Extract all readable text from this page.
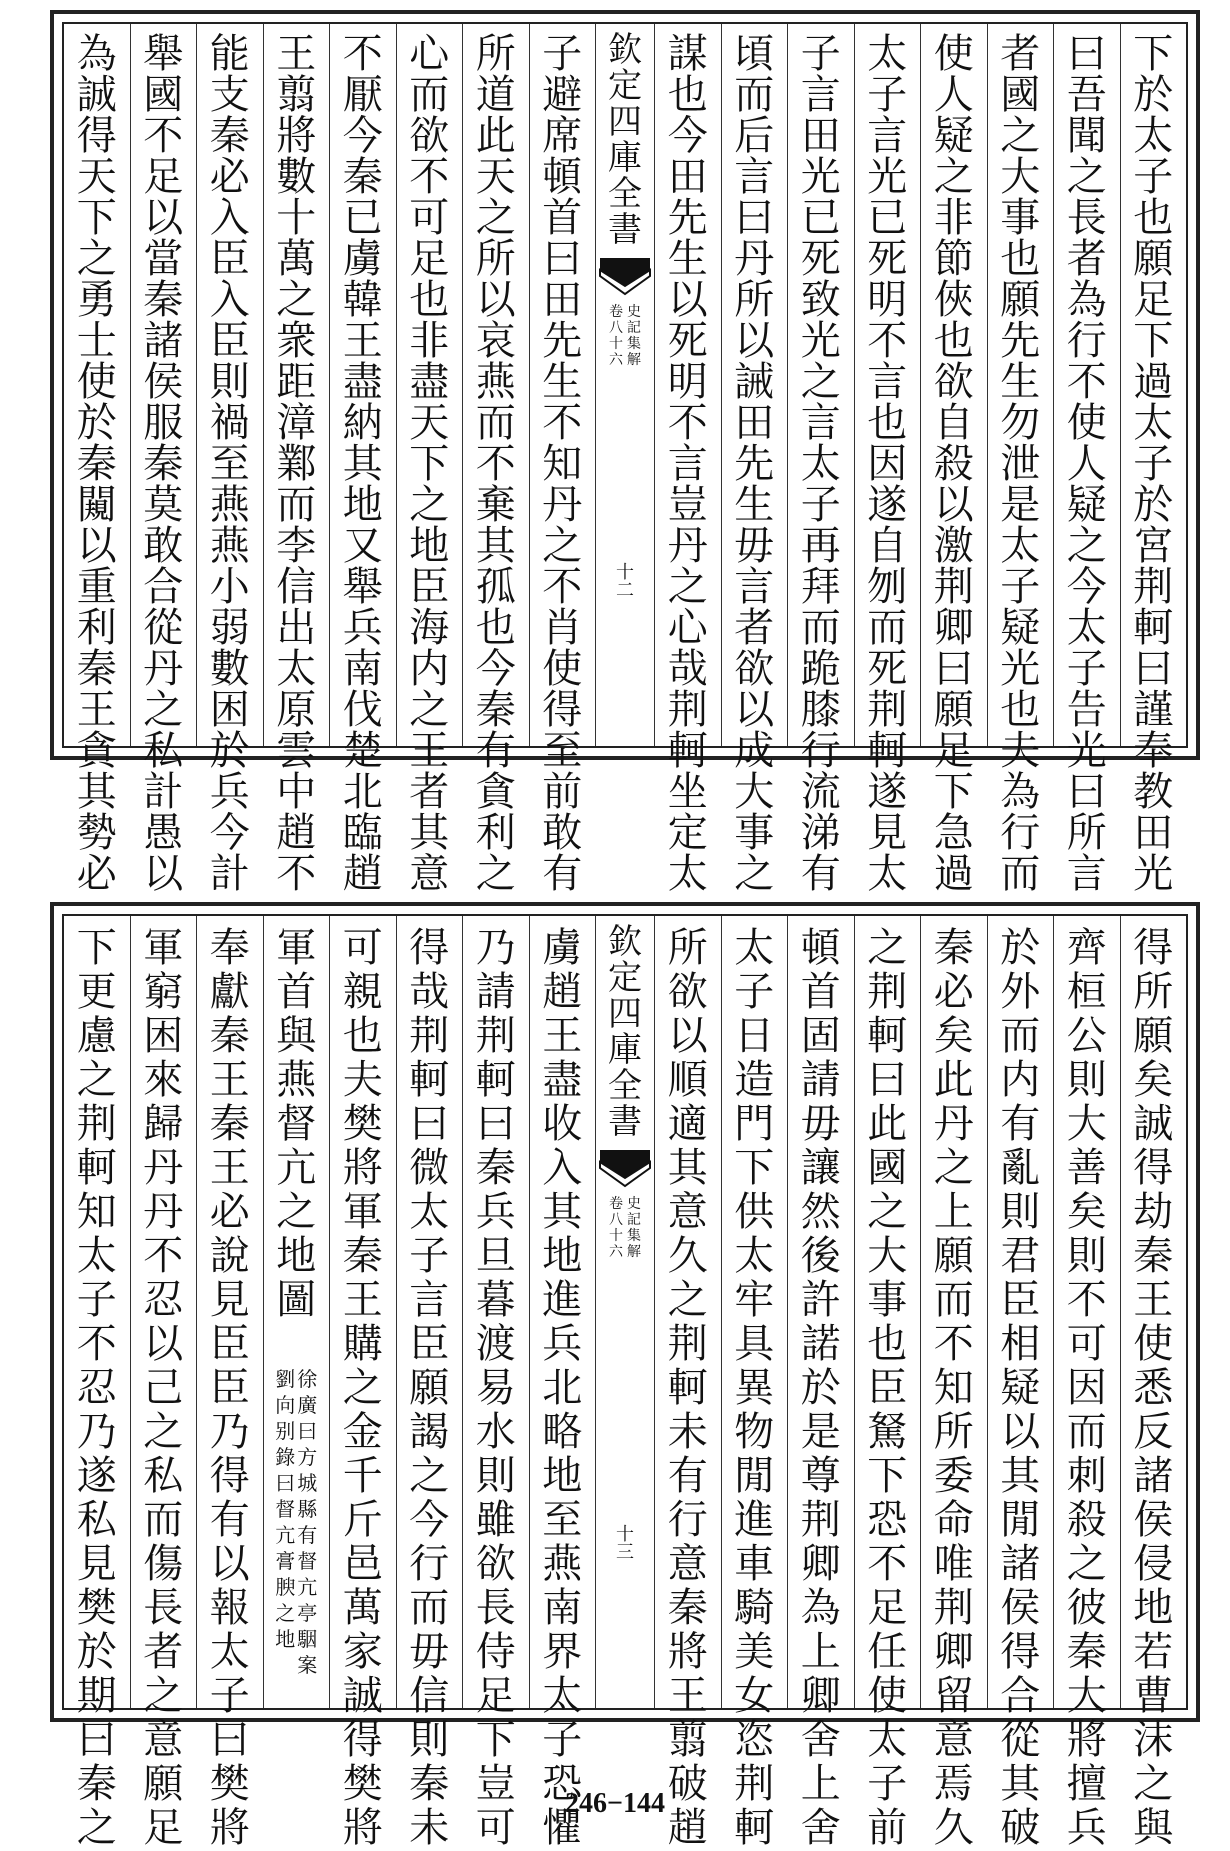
下
於
太
子
也
願
足
下
過
太
子
於
宮
荆
軻
曰
謹
奉
教
田
光
曰
吾
聞
之
長
者
為
行
不
使
人
疑
之
今
太
子
告
光
曰
所
言
者
國
之
大
事
也
願
先
生
勿
泄
是
太
子
疑
光
也
夫
為
行
而
使
人
疑
之
非
節
俠
也
欲
自
殺
以
激
荆
卿
曰
願
足
下
急
過
太
子
言
光
已
死
明
不
言
也
因
遂
自
刎
而
死
荆
軻
遂
見
太
子
言
田
光
已
死
致
光
之
言
太
子
再
拜
而
跪
膝
行
流
涕
有
頃
而
后
言
曰
丹
所
以
誡
田
先
生
毋
言
者
欲
以
成
大
事
之
謀
也
今
田
先
生
以
死
明
不
言
豈
丹
之
心
哉
荆
軻
坐
定
太
欽
定
四
庫
全
書
史
記
集
解
卷
八
十
六
十
二
子
避
席
頓
首
曰
田
先
生
不
知
丹
之
不
肖
使
得
至
前
敢
有
所
道
此
天
之
所
以
哀
燕
而
不
棄
其
孤
也
今
秦
有
貪
利
之
心
而
欲
不
可
足
也
非
盡
天
下
之
地
臣
海
内
之
王
者
其
意
不
厭
今
秦
已
虜
韓
王
盡
納
其
地
又
舉
兵
南
伐
楚
北
臨
趙
王
翦
將
數
十
萬
之
衆
距
漳
鄴
而
李
信
出
太
原
雲
中
趙
不
能
支
秦
必
入
臣
入
臣
則
禍
至
燕
燕
小
弱
數
困
於
兵
今
計
舉
國
不
足
以
當
秦
諸
侯
服
秦
莫
敢
合
從
丹
之
私
計
愚
以
為
誠
得
天
下
之
勇
士
使
於
秦
闚
以
重
利
秦
王
貪
其
勢
必
得
所
願
矣
誠
得
劫
秦
王
使
悉
反
諸
侯
侵
地
若
曹
沫
之
與
齊
桓
公
則
大
善
矣
則
不
可
因
而
刺
殺
之
彼
秦
大
將
擅
兵
於
外
而
内
有
亂
則
君
臣
相
疑
以
其
閒
諸
侯
得
合
從
其
破
秦
必
矣
此
丹
之
上
願
而
不
知
所
委
命
唯
荆
卿
留
意
焉
久
之
荆
軻
曰
此
國
之
大
事
也
臣
駑
下
恐
不
足
任
使
太
子
前
頓
首
固
請
毋
讓
然
後
許
諾
於
是
尊
荆
卿
為
上
卿
舍
上
舍
太
子
日
造
門
下
供
太
牢
具
異
物
閒
進
車
騎
美
女
恣
荆
軻
所
欲
以
順
適
其
意
久
之
荆
軻
未
有
行
意
秦
將
王
翦
破
趙
欽
定
四
庫
全
書
史
記
集
解
卷
八
十
六
十
三
虜
趙
王
盡
收
入
其
地
進
兵
北
略
地
至
燕
南
界
太
子
恐
懼
乃
請
荆
軻
曰
秦
兵
旦
暮
渡
易
水
則
雖
欲
長
侍
足
下
豈
可
得
哉
荆
軻
曰
微
太
子
言
臣
願
謁
之
今
行
而
毋
信
則
秦
未
可
親
也
夫
樊
將
軍
秦
王
購
之
金
千
斤
邑
萬
家
誠
得
樊
將
軍
首
與
燕
督
亢
之
地
圖
徐
廣
曰
方
城
縣
有
督
亢
亭
駰
案
劉
向
别
錄
曰
督
亢
膏
腴
之
地
奉
獻
秦
王
秦
王
必
說
見
臣
臣
乃
得
有
以
報
太
子
曰
樊
將
軍
窮
困
來
歸
丹
丹
不
忍
以
己
之
私
而
傷
長
者
之
意
願
足
下
更
慮
之
荆
軻
知
太
子
不
忍
乃
遂
私
見
樊
於
期
曰
秦
之
246−144
